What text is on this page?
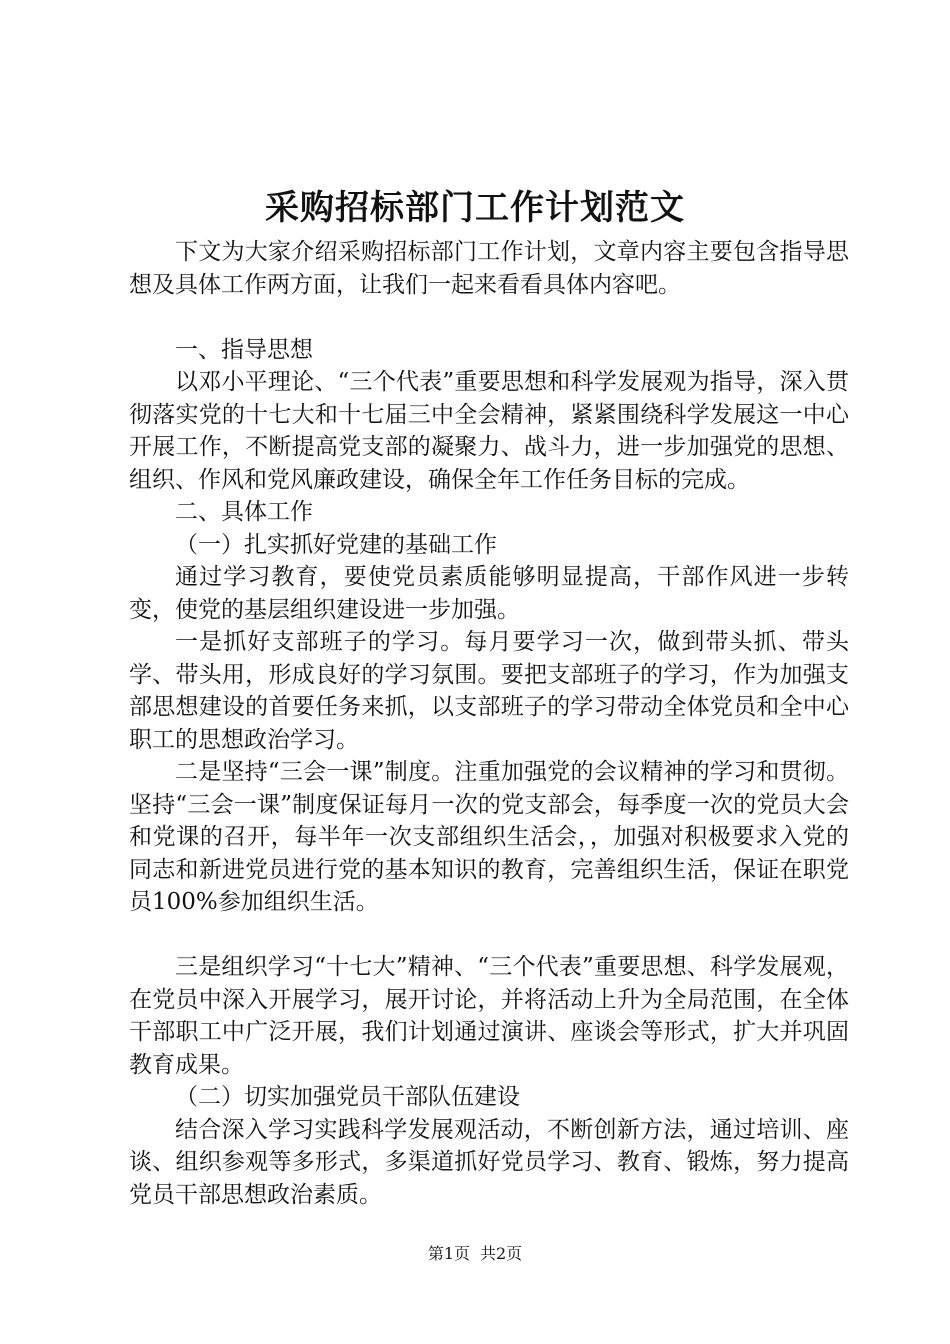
采购招标部门工作计划范文

下文为大家介绍采购招标部门工作计划，文章内容主要包含指导思想及具体工作两方面，让我们一起来看看具体内容吧。

一、指导思想

以邓小平理论、“三个代表”重要思想和科学发展观为指导，深入贯彻落实党的十七大和十七届三中全会精神，紧紧围绕科学发展这一中心开展工作，不断提高党支部的凝聚力、战斗力，进一步加强党的思想、组织、作风和党风廉政建设，确保全年工作任务目标的完成。

二、具体工作

（一）扎实抓好党建的基础工作

通过学习教育，要使党员素质能够明显提高，干部作风进一步转变，使党的基层组织建设进一步加强。

一是抓好支部班子的学习。每月要学习一次，做到带头抓、带头学、带头用，形成良好的学习氛围。要把支部班子的学习，作为加强支部思想建设的首要任务来抓，以支部班子的学习带动全体党员和全中心职工的思想政治学习。

二是坚持“三会一课”制度。注重加强党的会议精神的学习和贯彻。坚持“三会一课”制度保证每月一次的党支部会，每季度一次的党员大会和党课的召开，每半年一次支部组织生活会，，加强对积极要求入党的同志和新进党员进行党的基本知识的教育，完善组织生活，保证在职党员100%参加组织生活。

三是组织学习“十七大”精神、“三个代表”重要思想、科学发展观，在党员中深入开展学习，展开讨论，并将活动上升为全局范围，在全体干部职工中广泛开展，我们计划通过演讲、座谈会等形式，扩大并巩固教育成果。

（二）切实加强党员干部队伍建设

结合深入学习实践科学发展观活动，不断创新方法，通过培训、座谈、组织参观等多形式，多渠道抓好党员学习、教育、锻炼，努力提高党员干部思想政治素质。

第1页 共2页
